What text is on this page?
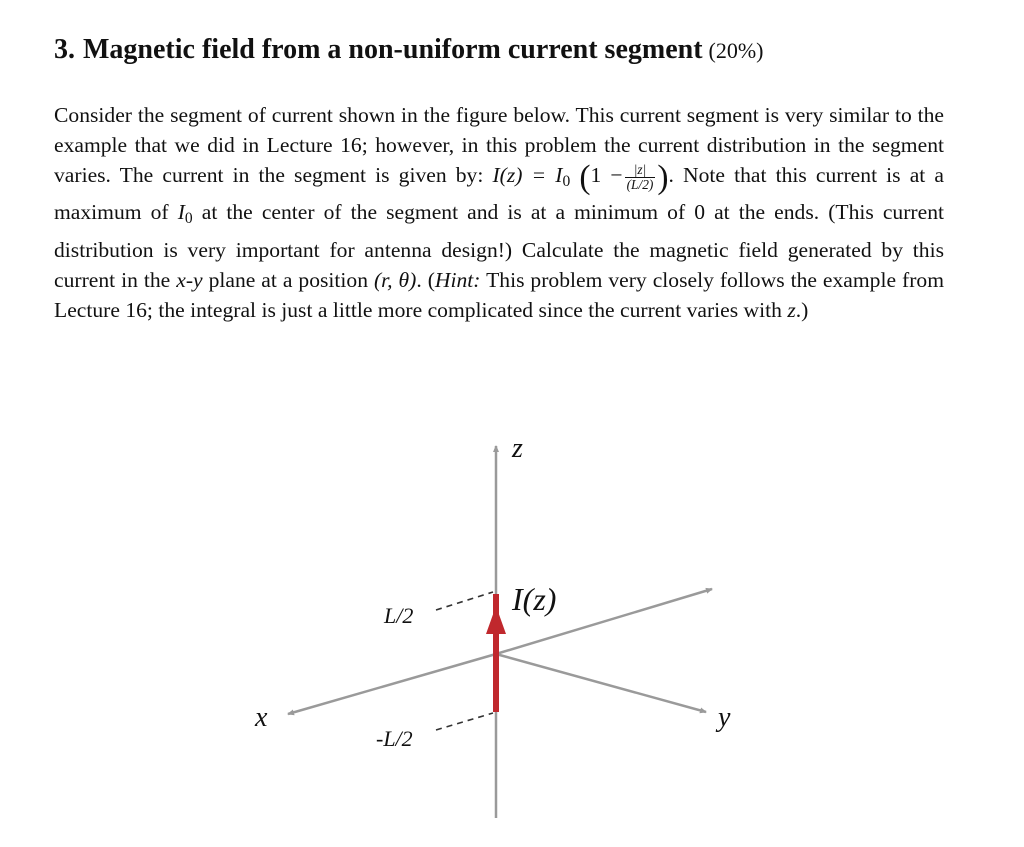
3. Magnetic field from a non-uniform current segment (20%)

Consider the segment of current shown in the figure below. This current segment is very similar to the example that we did in Lecture 16; however, in this problem the current distribution in the segment varies. The current in the segment is given by: $I(z) = I_0$ ($1 - \frac{|z|}{(L/2)}$ ). Note that this current is at a maximum of $I_0$ at the center of the segment and is at a minimum of 0 at the ends. (This current distribution is very important for antenna design!) Calculate the magnetic field generated by this current in the x-y plane at a position (r, θ). (Hint: This problem very closely follows the example from Lecture 16; the integral is just a little more complicated since the current varies with z.)

z
x	y
L/2
-L/2
I(z)
